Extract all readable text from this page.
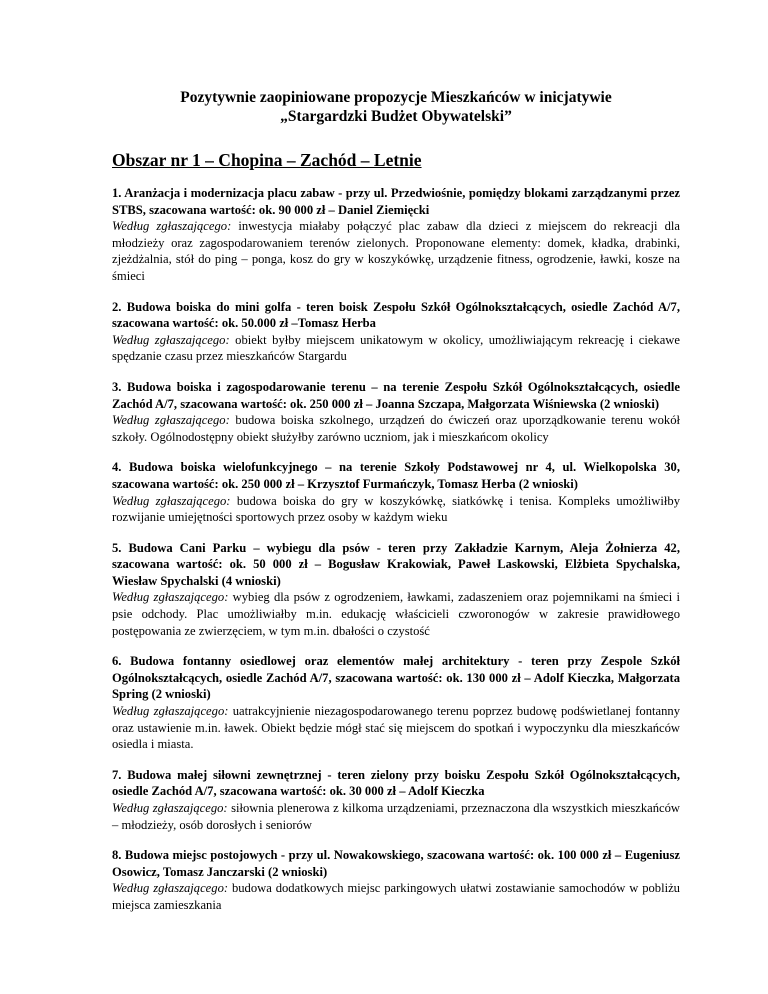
Pozytywnie zaopiniowane propozycje Mieszkańców w inicjatywie
„Stargardzki Budżet Obywatelski”

Obszar nr 1 – Chopina – Zachód – Letnie
1. Aranżacja i modernizacja placu zabaw - przy ul. Przedwiośnie, pomiędzy blokami zarządzanymi przez STBS, szacowana wartość: ok. 90 000 zł – Daniel Ziemięcki
Według zgłaszającego: inwestycja miałaby połączyć plac zabaw dla dzieci z miejscem do rekreacji dla młodzieży oraz zagospodarowaniem terenów zielonych. Proponowane elementy: domek, kładka, drabinki, zjeżdżalnia, stół do ping – ponga, kosz do gry w koszykówkę, urządzenie fitness, ogrodzenie, ławki, kosze na śmieci
2. Budowa boiska do mini golfa - teren boisk Zespołu Szkół Ogólnokształcących, osiedle Zachód A/7, szacowana wartość: ok. 50.000 zł –Tomasz Herba
Według zgłaszającego: obiekt byłby miejscem unikatowym w okolicy, umożliwiającym rekreację i ciekawe spędzanie czasu przez mieszkańców Stargardu
3. Budowa boiska i zagospodarowanie terenu – na terenie Zespołu Szkół Ogólnokształcących, osiedle Zachód A/7, szacowana wartość: ok. 250 000 zł – Joanna Szczapa, Małgorzata Wiśniewska (2 wnioski)
Według zgłaszającego: budowa boiska szkolnego, urządzeń do ćwiczeń oraz uporządkowanie terenu wokół szkoły. Ogólnodostępny obiekt służyłby zarówno uczniom, jak i mieszkańcom okolicy
4. Budowa boiska wielofunkcyjnego – na terenie Szkoły Podstawowej nr 4, ul. Wielkopolska 30, szacowana wartość: ok. 250 000 zł – Krzysztof Furmańczyk, Tomasz Herba (2 wnioski)
Według zgłaszającego: budowa boiska do gry w koszykówkę, siatkówkę i tenisa. Kompleks umożliwiłby rozwijanie umiejętności sportowych przez osoby w każdym wieku
5. Budowa Cani Parku – wybiegu dla psów - teren przy Zakładzie Karnym, Aleja Żołnierza 42, szacowana wartość: ok. 50 000 zł – Bogusław Krakowiak, Paweł Laskowski, Elżbieta Spychalska, Wiesław Spychalski (4 wnioski)
Według zgłaszającego: wybieg dla psów z ogrodzeniem, ławkami, zadaszeniem oraz pojemnikami na śmieci i psie odchody. Plac umożliwiałby m.in. edukację właścicieli czworonogów w zakresie prawidłowego postępowania ze zwierzęciem, w tym m.in. dbałości o czystość
6. Budowa fontanny osiedlowej oraz elementów małej architektury - teren przy Zespole Szkół Ogólnokształcących, osiedle Zachód A/7, szacowana wartość: ok. 130 000 zł – Adolf Kieczka, Małgorzata Spring (2 wnioski)
Według zgłaszającego: uatrakcyjnienie niezagospodarowanego terenu poprzez budowę podświetlanej fontanny oraz ustawienie m.in. ławek. Obiekt będzie mógł stać się miejscem do spotkań i wypoczynku dla mieszkańców osiedla i miasta.
7. Budowa małej siłowni zewnętrznej - teren zielony przy boisku Zespołu Szkół Ogólnokształcących, osiedle Zachód A/7, szacowana wartość: ok. 30 000 zł – Adolf Kieczka
Według zgłaszającego: siłownia plenerowa z kilkoma urządzeniami, przeznaczona dla wszystkich mieszkańców – młodzieży, osób dorosłych i seniorów
8. Budowa miejsc postojowych - przy ul. Nowakowskiego, szacowana wartość: ok. 100 000 zł – Eugeniusz Osowicz, Tomasz Janczarski (2 wnioski)
Według zgłaszającego: budowa dodatkowych miejsc parkingowych ułatwi zostawianie samochodów w pobliżu miejsca zamieszkania
